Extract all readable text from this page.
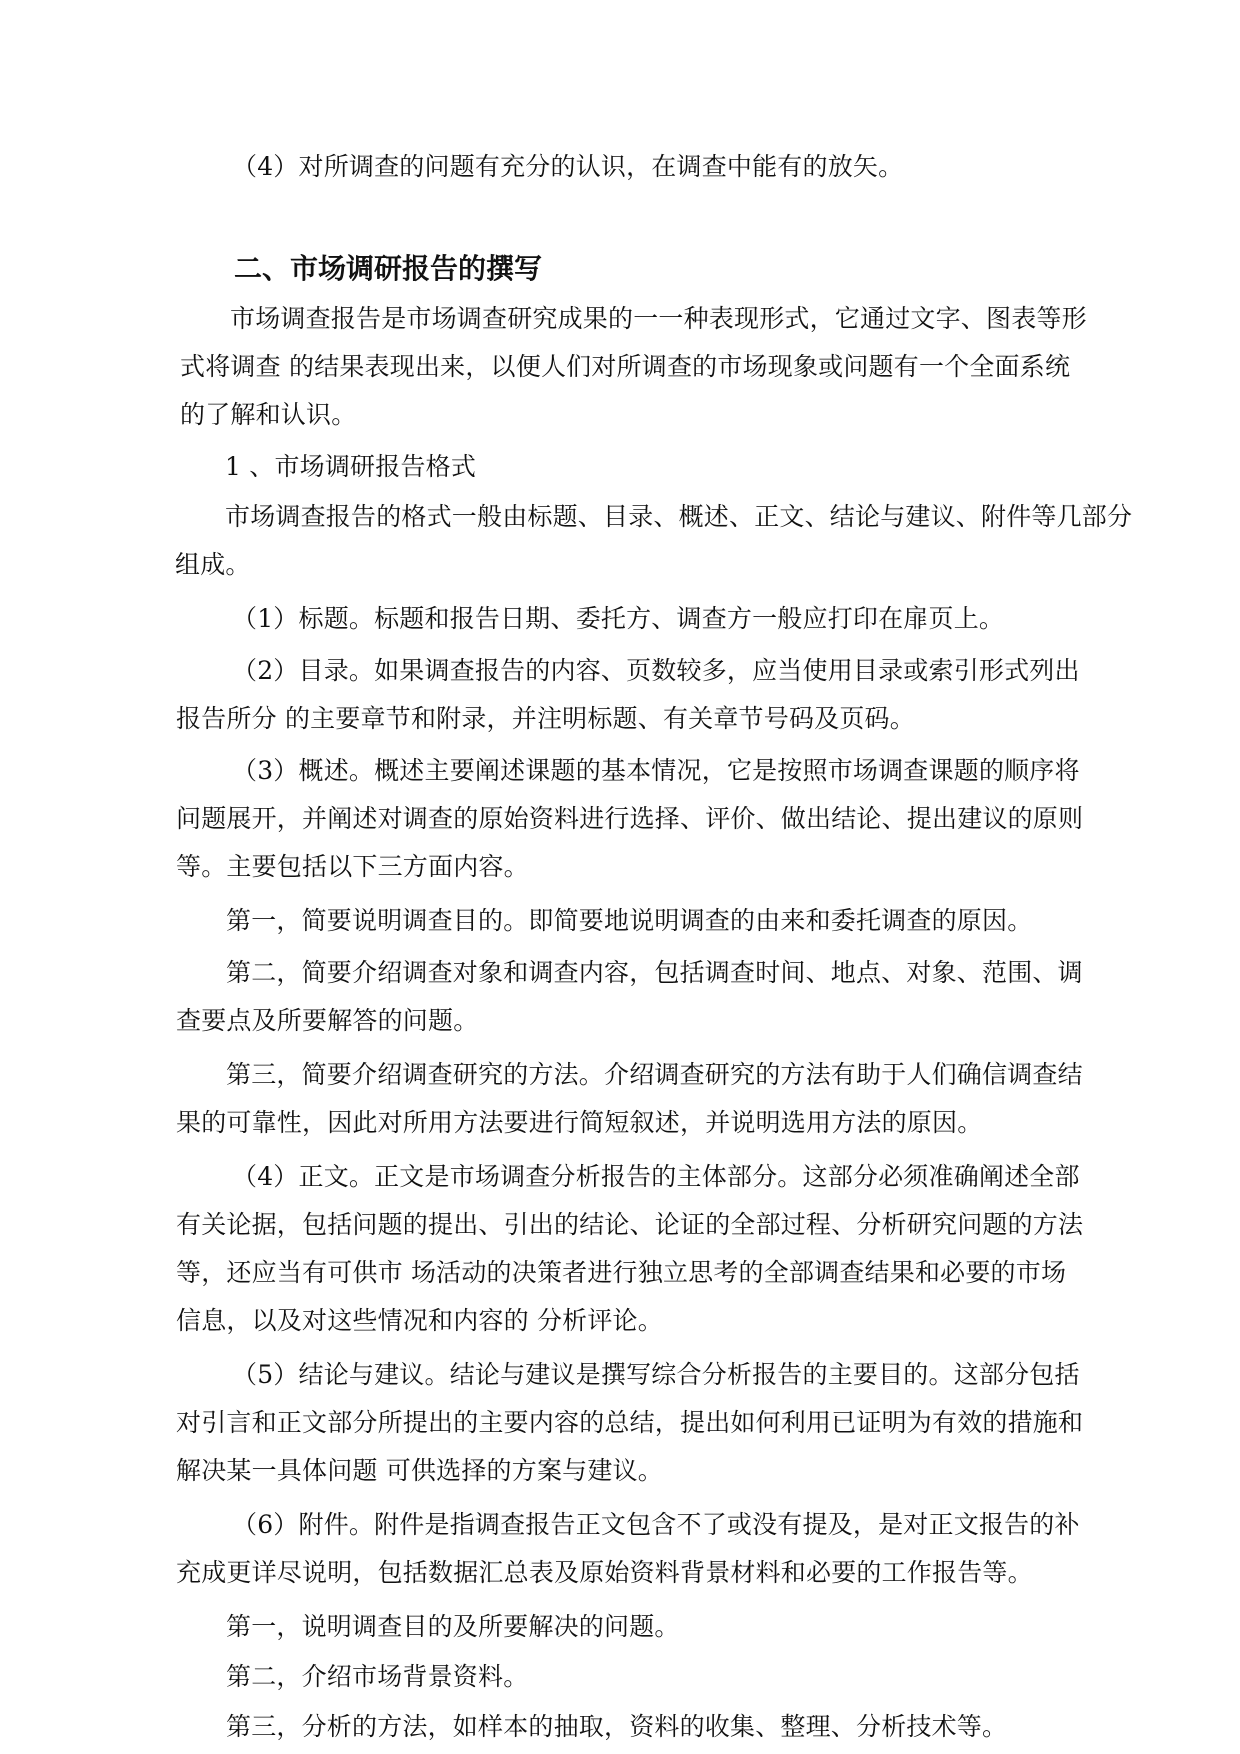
（4）对所调查的问题有充分的认识，在调查中能有的放矢。

二、市场调研报告的撰写

市场调查报告是市场调查研究成果的一一种表现形式，它通过文字、图表等形

式将调查 的结果表现出来，以便人们对所调查的市场现象或问题有一个全面系统

的了解和认识。

1 、市场调研报告格式

市场调查报告的格式一般由标题、目录、概述、正文、结论与建议、附件等几部分

组成。

（1）标题。标题和报告日期、委托方、调查方一般应打印在扉页上。

（2）目录。如果调查报告的内容、页数较多，应当使用目录或索引形式列出

报告所分 的主要章节和附录，并注明标题、有关章节号码及页码。

（3）概述。概述主要阐述课题的基本情况，它是按照市场调查课题的顺序将

问题展开，并阐述对调查的原始资料进行选择、评价、做出结论、提出建议的原则

等。主要包括以下三方面内容。

第一，简要说明调查目的。即简要地说明调查的由来和委托调查的原因。

第二，简要介绍调查对象和调查内容，包括调查时间、地点、对象、范围、调

查要点及所要解答的问题。

第三，简要介绍调查研究的方法。介绍调查研究的方法有助于人们确信调查结

果的可靠性，因此对所用方法要进行简短叙述，并说明选用方法的原因。

（4）正文。正文是市场调查分析报告的主体部分。这部分必须准确阐述全部

有关论据，包括问题的提出、引出的结论、论证的全部过程、分析研究问题的方法

等，还应当有可供市 场活动的决策者进行独立思考的全部调查结果和必要的市场

信息，以及对这些情况和内容的 分析评论。

（5）结论与建议。结论与建议是撰写综合分析报告的主要目的。这部分包括

对引言和正文部分所提出的主要内容的总结，提出如何利用已证明为有效的措施和

解决某一具体问题 可供选择的方案与建议。

（6）附件。附件是指调查报告正文包含不了或没有提及，是对正文报告的补

充成更详尽说明，包括数据汇总表及原始资料背景材料和必要的工作报告等。

第一，说明调查目的及所要解决的问题。

第二，介绍市场背景资料。

第三，分析的方法，如样本的抽取，资料的收集、整理、分析技术等。
